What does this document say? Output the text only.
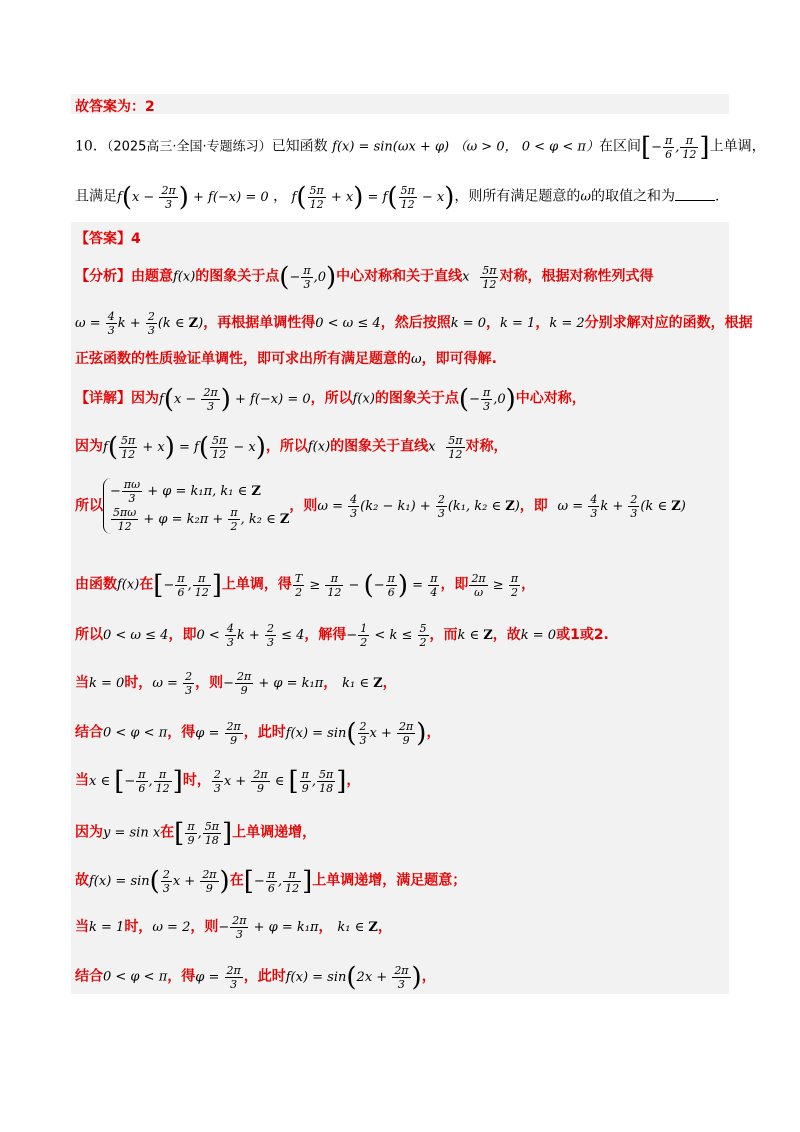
故答案为：2
10．（2025高三·全国·专题练习）已知函数 f(x) = sin(ωx + φ) （ω > 0， 0 < φ < π）在区间[− $\frac{\pi}{6}$ , $\frac{\pi}{12}$ ]上单调，
且满足$f(x - \frac{2\pi}{3}$ ) + f(−x) = 0 ， $f( \frac{5\pi}{12} + x) = f( \frac{5\pi}{12} - x)$，则所有满足题意的ω的取值之和为	.
【答案】4
【分析】由题意f(x)的图象关于点(− $\frac{\pi}{3} ,0$)中心对称和关于直线x $\frac{5\pi}{12}$ 对称，根据对称性列式得
$\omega = \frac{4}{3}$ $k + \frac{2}{3} (k$ ∈ Z)，再根据单调性得0 < ω ≤ 4，然后按照k = 0，k = 1，k = 2分别求解对应的函数，根据
正弦函数的性质验证单调性，即可求出所有满足题意的ω，即可得解.
【详解】因为$f(x - \frac{2\pi}{3}$ ) + f(−x) = 0，所以f(x)的图象关于点(− $\frac{\pi}{3} ,0$)中心对称，
因为$f( \frac{5\pi}{12} + x) = f( \frac{5\pi}{12} - x)$，所以f(x)的图象关于直线x $\frac{5\pi}{12}$ 对称，
所以
− $\frac{\pi\omega}{3} + \varphi = k_1\pi$, k₁ ∈ Z
$\frac{5\pi\omega}{12} + \varphi = k_2\pi + \frac{\pi}{2}$ , k₂ ∈ Z
，则$\omega = \frac{4}{3} (k_2 - k_1) + \frac{2}{3} (k_1$, k₂ ∈ Z)，即 $\omega = \frac{4}{3}$ $k + \frac{2}{3} (k$ ∈ Z)
由函数f(x)在[− $\frac{\pi}{6}$ , $\frac{\pi}{12}$ ]上单调，得 $\frac{T}{2} \ge \frac{\pi}{12}$ − (− $\frac{\pi}{6}$ ) = $\frac{\pi}{4}$ ，即 $\frac{2\pi}{\omega} \ge \frac{\pi}{2}$ ，
所以0 < ω ≤ 4，即$0 < \frac{4}{3}$ $k + \frac{2}{3} \le 4$，解得− $\frac{1}{2} < k \le \frac{5}{2}$ ，而k ∈ Z，故k = 0或1或2.
当k = 0时，$\omega = \frac{2}{3}$ ，则− $\frac{2\pi}{9} + \varphi = k_1\pi$， k₁ ∈ Z，
结合0 < φ < π，得$\varphi = \frac{2\pi}{9}$ ，此时$f(x) = \sin( \frac{2}{3}$ $x + \frac{2\pi}{9}$ )，
当x ∈ [− $\frac{\pi}{6}$ , $\frac{\pi}{12}$ ]时， $\frac{2}{3}$ $x + \frac{2\pi}{9}$ ∈ [ $\frac{\pi}{9}$ , $\frac{5\pi}{18}$ ]，
因为y = sin x在[ $\frac{\pi}{9}$ , $\frac{5\pi}{18}$ ]上单调递增，
故$f(x) = \sin( \frac{2}{3}$ $x + \frac{2\pi}{9}$ )在[− $\frac{\pi}{6}$ , $\frac{\pi}{12}$ ]上单调递增，满足题意；
当k = 1时，ω = 2，则− $\frac{2\pi}{3} + \varphi = k_1\pi$， k₁ ∈ Z，
结合0 < φ < π，得$\varphi = \frac{2\pi}{3}$ ，此时$f(x) = \sin(2x + \frac{2\pi}{3}$ )，
